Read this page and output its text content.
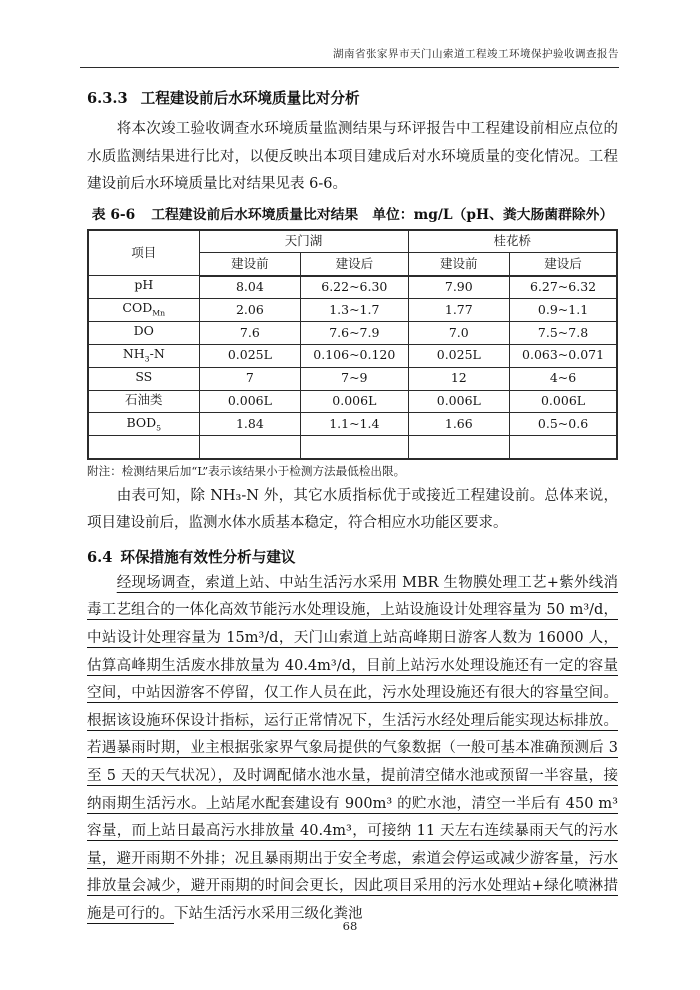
湖南省张家界市天门山索道工程竣工环境保护验收调查报告
6.3.3 工程建设前后水环境质量比对分析

将本次竣工验收调查水环境质量监测结果与环评报告中工程建设前相应点位的水质监测结果进行比对，以便反映出本项目建成后对水环境质量的变化情况。工程建设前后水环境质量比对结果见表 6-6。

表 6-6 工程建设前后水环境质量比对结果 单位：mg/L（pH、粪大肠菌群除外）
项目	天门湖		桂花桥	
	建设前	建设后	建设前	建设后
pH	8.04	6.22~6.30	7.90	6.27~6.32
$COD_{Mn}$	2.06	1.3~1.7	1.77	0.9~1.1
DO	7.6	7.6~7.9	7.0	7.5~7.8
$NH_3-N$	0.025L	0.106~0.120	0.025L	0.063~0.071
SS	7	7~9	12	4~6
石油类	0.006L	0.006L	0.006L	0.006L
$BOD_5$	1.84	1.1~1.4	1.66	0.5~0.6

附注：检测结果后加“L”表示该结果小于检测方法最低检出限。

由表可知，除 NH₃-N 外，其它水质指标优于或接近工程建设前。总体来说，项目建设前后，监测水体水质基本稳定，符合相应水功能区要求。

6.4 环保措施有效性分析与建议

经现场调查，索道上站、中站生活污水采用 MBR 生物膜处理工艺+紫外线消毒工艺组合的一体化高效节能污水处理设施，上站设施设计处理容量为 50 m³/d，中站设计处理容量为 15m³/d，天门山索道上站高峰期日游客人数为 16000 人，估算高峰期生活废水排放量为 40.4m³/d，目前上站污水处理设施还有一定的容量空间，中站因游客不停留，仅工作人员在此，污水处理设施还有很大的容量空间。根据该设施环保设计指标，运行正常情况下，生活污水经处理后能实现达标排放。若遇暴雨时期，业主根据张家界气象局提供的气象数据（一般可基本准确预测后 3 至 5 天的天气状况），及时调配储水池水量，提前清空储水池或预留一半容量，接纳雨期生活污水。上站尾水配套建设有 900m³ 的贮水池，清空一半后有 450 m³ 容量，而上站日最高污水排放量 40.4m³，可接纳 11 天左右连续暴雨天气的污水量，避开雨期不外排；况且暴雨期出于安全考虑，索道会停运或减少游客量，污水排放量会减少，避开雨期的时间会更长，因此项目采用的污水处理站+绿化喷淋措施是可行的。下站生活污水采用三级化粪池

68
